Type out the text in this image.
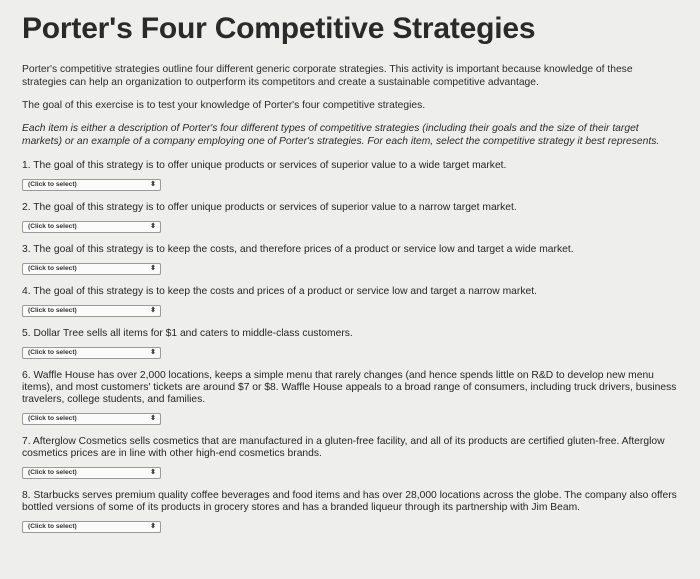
Porter's Four Competitive Strategies

Porter's competitive strategies outline four different generic corporate strategies. This activity is important because knowledge of these strategies can help an organization to outperform its competitors and create a sustainable competitive advantage.

The goal of this exercise is to test your knowledge of Porter's four competitive strategies.

Each item is either a description of Porter's four different types of competitive strategies (including their goals and the size of their target markets) or an example of a company employing one of Porter's strategies. For each item, select the competitive strategy it best represents.

1. The goal of this strategy is to offer unique products or services of superior value to a wide target market.
(Click to select)	⬍
2. The goal of this strategy is to offer unique products or services of superior value to a narrow target market.
(Click to select)	⬍
3. The goal of this strategy is to keep the costs, and therefore prices of a product or service low and target a wide market.
(Click to select)	⬍
4. The goal of this strategy is to keep the costs and prices of a product or service low and target a narrow market.
(Click to select)	⬍
5. Dollar Tree sells all items for $1 and caters to middle-class customers.
(Click to select)	⬍
6. Waffle House has over 2,000 locations, keeps a simple menu that rarely changes (and hence spends little on R&D to develop new menu items), and most customers' tickets are around $7 or $8. Waffle House appeals to a broad range of consumers, including truck drivers, business travelers, college students, and families.
(Click to select)	⬍
7. Afterglow Cosmetics sells cosmetics that are manufactured in a gluten-free facility, and all of its products are certified gluten-free. Afterglow cosmetics prices are in line with other high-end cosmetics brands.
(Click to select)	⬍
8. Starbucks serves premium quality coffee beverages and food items and has over 28,000 locations across the globe. The company also offers bottled versions of some of its products in grocery stores and has a branded liqueur through its partnership with Jim Beam.
(Click to select)	⬍
